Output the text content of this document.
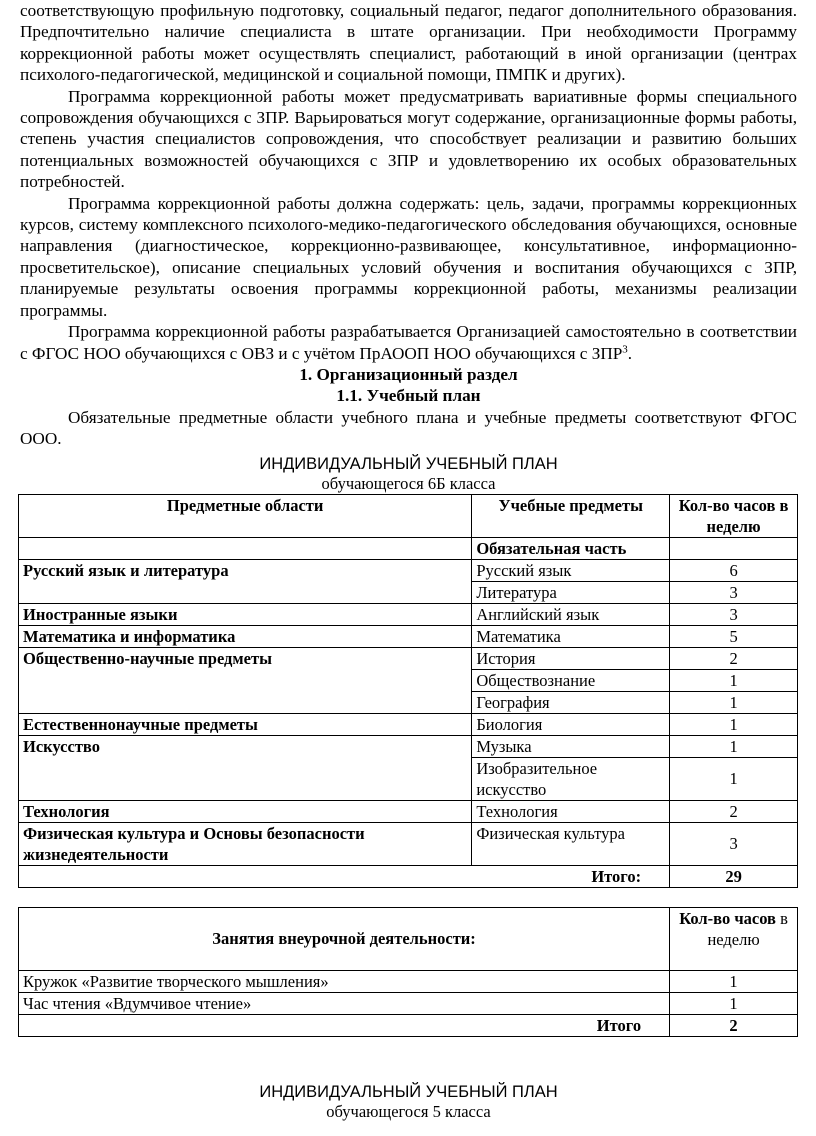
соответствующую профильную подготовку, социальный педагог, педагог дополнительного образования. Предпочтительно наличие специалиста в штате организации. При необходимости Программу коррекционной работы может осуществлять специалист, работающий в иной организации (центрах психолого-педагогической, медицинской и социальной помощи, ПМПК и других).

Программа коррекционной работы может предусматривать вариативные формы специального сопровождения обучающихся с ЗПР. Варьироваться могут содержание, организационные формы работы, степень участия специалистов сопровождения, что способствует реализации и развитию больших потенциальных возможностей обучающихся с ЗПР и удовлетворению их особых образовательных потребностей.

Программа коррекционной работы должна содержать: цель, задачи, программы коррекционных курсов, систему комплексного психолого-медико-педагогического обследования обучающихся, основные направления (диагностическое, коррекционно-развивающее, консультативное, информационно-просветительское), описание специальных условий обучения и воспитания обучающихся с ЗПР, планируемые результаты освоения программы коррекционной работы, механизмы реализации программы.

Программа коррекционной работы разрабатывается Организацией самостоятельно в соответствии с ФГОС НОО обучающихся с ОВЗ и с учётом ПрАООП НОО обучающихся с ЗПР$^3$.

1. Организационный раздел

1.1. Учебный план

Обязательные предметные области учебного плана и учебные предметы соответствуют ФГОС ООО.

ИНДИВИДУАЛЬНЫЙ УЧЕБНЫЙ ПЛАН
обучающегося 6Б класса
Предметные области	Учебные предметы	Кол-во часов в неделю
	Обязательная часть	
Русский язык и литература	Русский язык	6
	Литература	3
Иностранные языки	Английский язык	3
Математика и информатика	Математика	5
Общественно-научные предметы	История	2
	Обществознание	1
	География	1
Естественнонаучные предметы	Биология	1
Искусство	Музыка	1
	Изобразительное искусство	1
Технология	Технология	2
Физическая культура и Основы безопасности жизнедеятельности	Физическая культура	3
Итого:		29
Занятия внеурочной деятельности:	Кол-во часов в неделю
Кружок «Развитие творческого мышления»	1
Час чтения «Вдумчивое чтение»	1
Итого	2
ИНДИВИДУАЛЬНЫЙ УЧЕБНЫЙ ПЛАН
обучающегося 5 класса
